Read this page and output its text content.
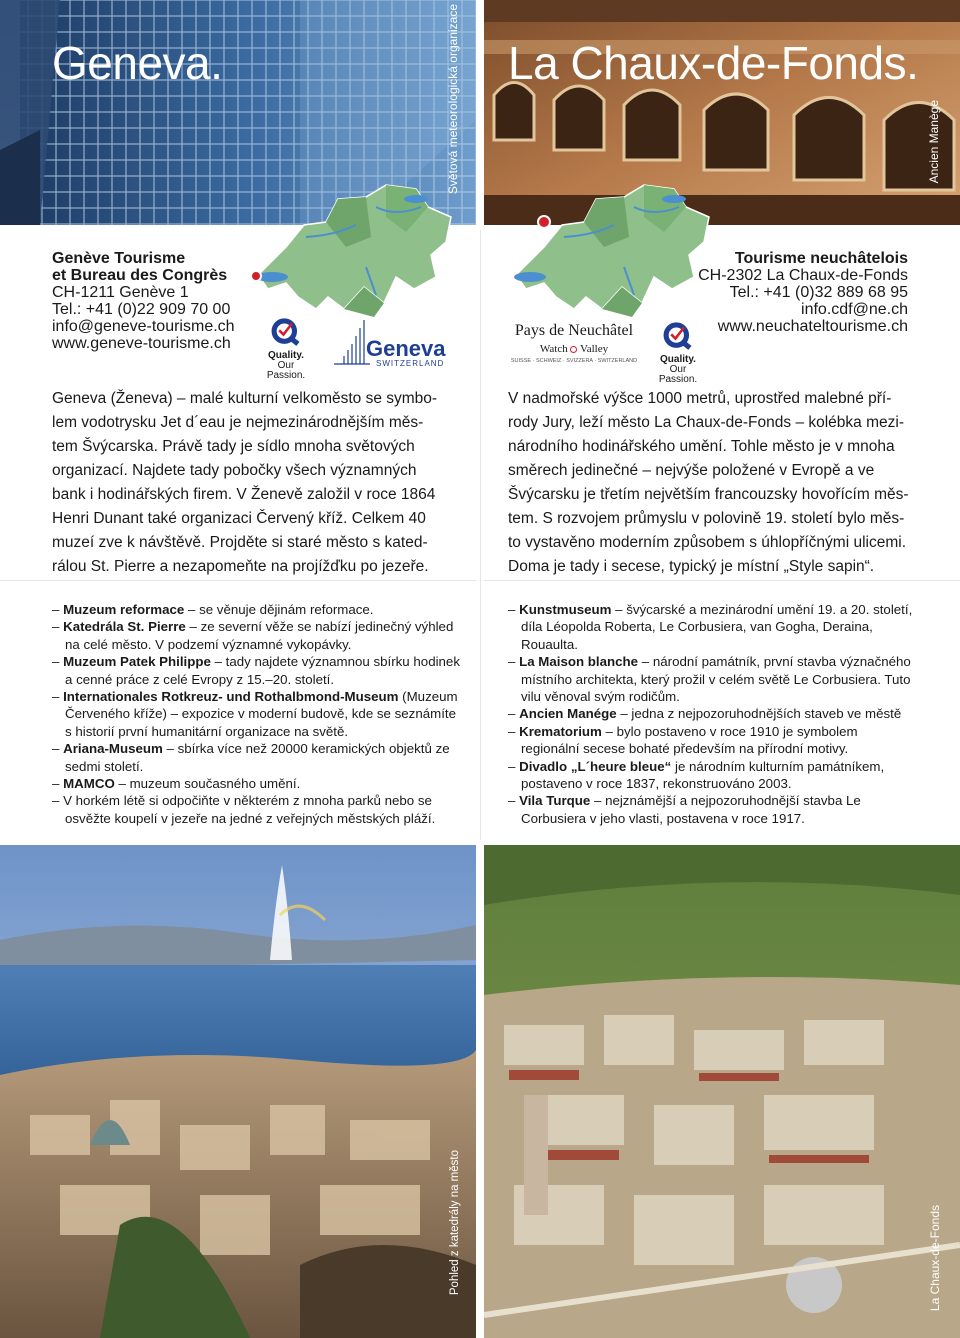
Geneva.	La Chaux-de-Fonds.
Světová meteorologická organizace	Ancien Manège
Genève Tourisme
et Bureau des Congrès
CH-1211 Genève 1
Tel.: +41 (0)22 909 70 00
info@geneve-tourisme.ch
www.geneve-tourisme.ch
Tourisme neuchâtelois
CH-2302 La Chaux-de-Fonds
Tel.: +41 (0)32 889 68 95
info.cdf@ne.ch
www.neuchateltourisme.ch
Quality.
Our Passion.
Geneva
SWITZERLAND
Pays de Neuchâtel
Watch Valley
SUISSE · SCHWEIZ · SVIZZERA · SWITZERLAND	Quality.
Our Passion.
Geneva (Ženeva) – malé kulturní velkoměsto se symbo-
lem vodotrysku Jet d´eau je nejmezinárodnějším měs-
tem Švýcarska. Právě tady je sídlo mnoha světových
organizací. Najdete tady pobočky všech významných
bank i hodinářských firem. V Ženevě založil v roce 1864
Henri Dunant také organizaci Červený kříž. Celkem 40
muzeí zve k návštěvě. Projděte si staré město s kated-
rálou St. Pierre a nezapomeňte na projížďku po jezeře.
V nadmořské výšce 1000 metrů, uprostřed malebné pří-
rody Jury, leží město La Chaux-de-Fonds – kolébka mezi-
národního hodinářského umění. Tohle město je v mnoha
směrech jedinečné – nejvýše položené v Evropě a ve
Švýcarsku je třetím největším francouzsky hovořícím měs-
tem. S rozvojem průmyslu v polovině 19. století bylo měs-
to vystavěno moderním způsobem s úhlopříčnými ulicemi.
Doma je tady i secese, typický je místní „Style sapin“.
– Muzeum reformace – se věnuje dějinám reformace.
– Katedrála St. Pierre – ze severní věže se nabízí jedinečný výhled na celé město. V podzemí významné vykopávky.
– Muzeum Patek Philippe – tady najdete významnou sbírku hodinek a cenné práce z celé Evropy z 15.–20. století.
– Internationales Rotkreuz- und Rothalbmond-Museum (Muzeum Červeného kříže) – expozice v moderní budově, kde se seznámíte s historií první humanitární organizace na světě.
– Ariana-Museum – sbírka více než 20000 keramických objektů ze sedmi století.
– MAMCO – muzeum současného umění.
– V horkém létě si odpočiňte v některém z mnoha parků nebo se osvěžte koupelí v jezeře na jedné z veřejných městských pláží.
– Kunstmuseum – švýcarské a mezinárodní umění 19. a 20. století, díla Léopolda Roberta, Le Corbusiera, van Gogha, Deraina, Rouaulta.
– La Maison blanche – národní památník, první stavba význačného místního architekta, který prožil v celém světě Le Corbusiera. Tuto vilu věnoval svým rodičům.
– Ancien Manége – jedna z nejpozoruhodnějších staveb ve městě
– Krematorium – bylo postaveno v roce 1910 je symbolem regionální secese bohaté především na přírodní motivy.
– Divadlo „L´heure bleue“ je národním kulturním památníkem, postaveno v roce 1837, rekonstruováno 2003.
– Vila Turque – nejznámější a nejpozoruhodnější stavba Le Corbusiera v jeho vlasti, postavena v roce 1917.
Pohled z katedrály na město	La Chaux-de-Fonds
